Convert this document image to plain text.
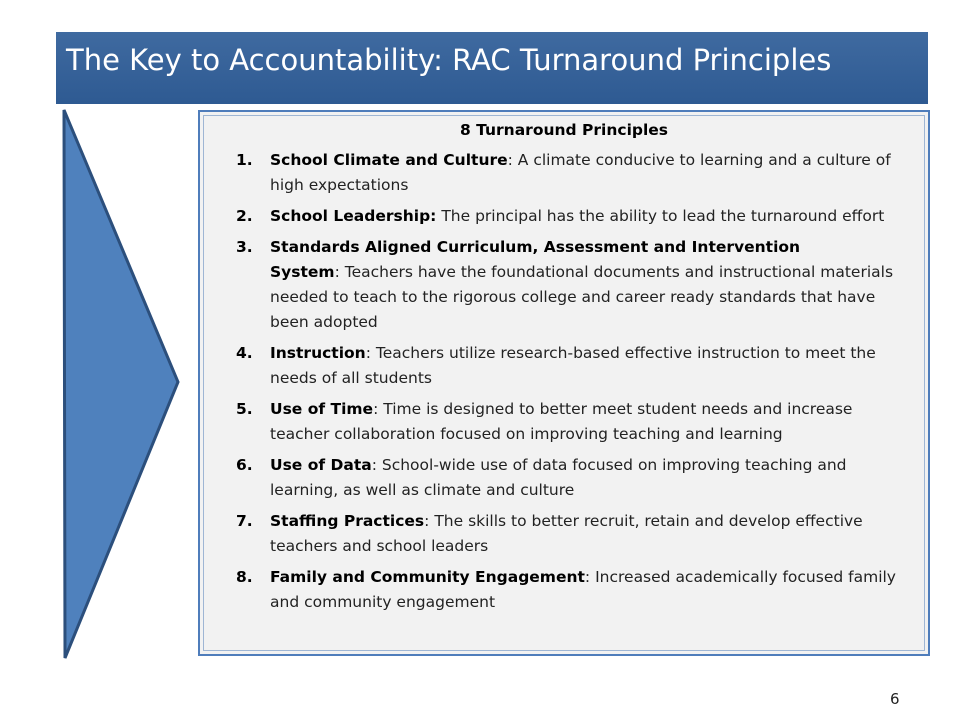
The Key to Accountability: RAC Turnaround Principles
8 Turnaround Principles
1. School Climate and Culture: A climate conducive to learning and a culture of high expectations
2. School Leadership: The principal has the ability to lead the turnaround effort
3. Standards Aligned Curriculum, Assessment and Intervention System: Teachers have the foundational documents and instructional materials needed to teach to the rigorous college and career ready standards that have been adopted
4. Instruction: Teachers utilize research-based effective instruction to meet the needs of all students
5. Use of Time: Time is designed to better meet student needs and increase teacher collaboration focused on improving teaching and learning
6. Use of Data: School-wide use of data focused on improving teaching and learning, as well as climate and culture
7. Staffing Practices: The skills to better recruit, retain and develop effective teachers and school leaders
8. Family and Community Engagement: Increased academically focused family and community engagement
6
